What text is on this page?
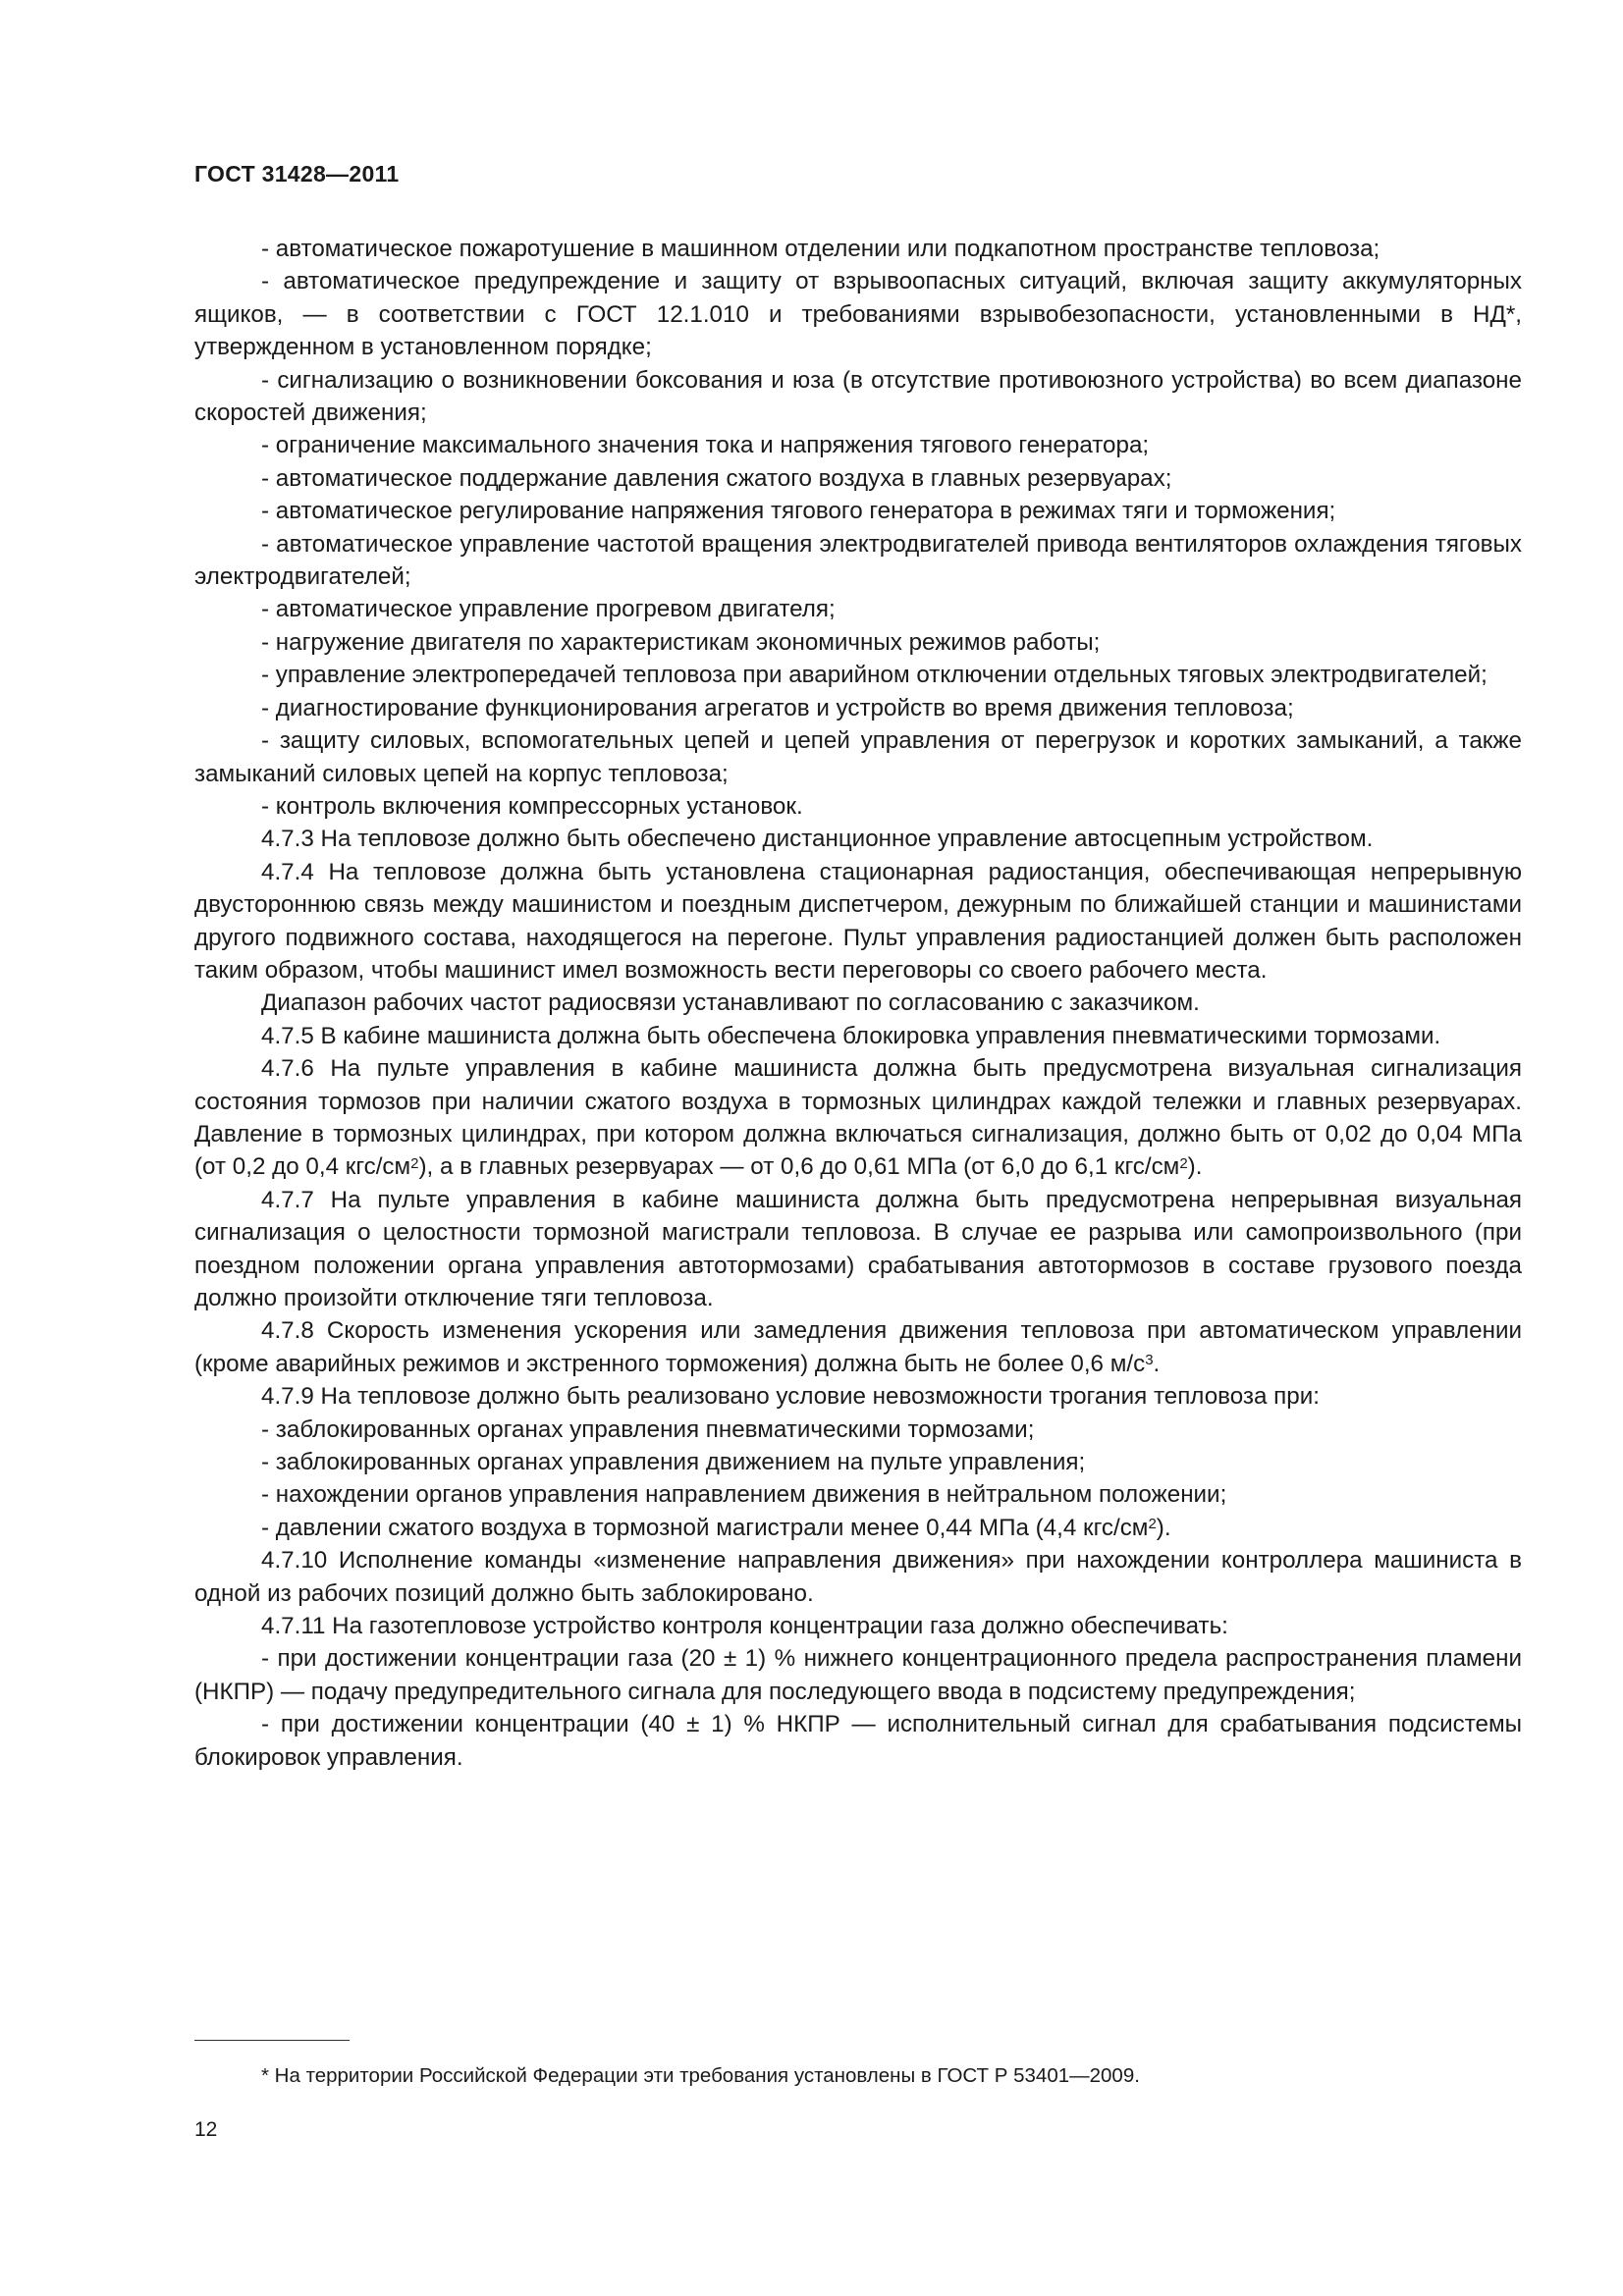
ГОСТ 31428—2011

- автоматическое пожаротушение в машинном отделении или подкапотном пространстве тепловоза;

- автоматическое предупреждение и защиту от взрывоопасных ситуаций, включая защиту аккумуляторных ящиков, — в соответствии с ГОСТ 12.1.010 и требованиями взрывобезопасности, установленными в НД*, утвержденном в установленном порядке;

- сигнализацию о возникновении боксования и юза (в отсутствие противоюзного устройства) во всем диапазоне скоростей движения;

- ограничение максимального значения тока и напряжения тягового генератора;

- автоматическое поддержание давления сжатого воздуха в главных резервуарах;

- автоматическое регулирование напряжения тягового генератора в режимах тяги и торможения;

- автоматическое управление частотой вращения электродвигателей привода вентиляторов охлаждения тяговых электродвигателей;

- автоматическое управление прогревом двигателя;

- нагружение двигателя по характеристикам экономичных режимов работы;

- управление электропередачей тепловоза при аварийном отключении отдельных тяговых электродвигателей;

- диагностирование функционирования агрегатов и устройств во время движения тепловоза;

- защиту силовых, вспомогательных цепей и цепей управления от перегрузок и коротких замыканий, а также замыканий силовых цепей на корпус тепловоза;

- контроль включения компрессорных установок.

4.7.3 На тепловозе должно быть обеспечено дистанционное управление автосцепным устройством.

4.7.4 На тепловозе должна быть установлена стационарная радиостанция, обеспечивающая непрерывную двустороннюю связь между машинистом и поездным диспетчером, дежурным по ближайшей станции и машинистами другого подвижного состава, находящегося на перегоне. Пульт управления радиостанцией должен быть расположен таким образом, чтобы машинист имел возможность вести переговоры со своего рабочего места.

Диапазон рабочих частот радиосвязи устанавливают по согласованию с заказчиком.

4.7.5 В кабине машиниста должна быть обеспечена блокировка управления пневматическими тормозами.

4.7.6 На пульте управления в кабине машиниста должна быть предусмотрена визуальная сигнализация состояния тормозов при наличии сжатого воздуха в тормозных цилиндрах каждой тележки и главных резервуарах. Давление в тормозных цилиндрах, при котором должна включаться сигнализация, должно быть от 0,02 до 0,04 МПа (от 0,2 до 0,4 кгс/$см^2$), а в главных резервуарах — от 0,6 до 0,61 МПа (от 6,0 до 6,1 кгс/$см^2$).

4.7.7 На пульте управления в кабине машиниста должна быть предусмотрена непрерывная визуальная сигнализация о целостности тормозной магистрали тепловоза. В случае ее разрыва или самопроизвольного (при поездном положении органа управления автотормозами) срабатывания автотормозов в составе грузового поезда должно произойти отключение тяги тепловоза.

4.7.8 Скорость изменения ускорения или замедления движения тепловоза при автоматическом управлении (кроме аварийных режимов и экстренного торможения) должна быть не более 0,6 $м/с^3$.

4.7.9 На тепловозе должно быть реализовано условие невозможности трогания тепловоза при:

- заблокированных органах управления пневматическими тормозами;

- заблокированных органах управления движением на пульте управления;

- нахождении органов управления направлением движения в нейтральном положении;

- давлении сжатого воздуха в тормозной магистрали менее 0,44 МПа (4,4 кгс/$см^2$).

4.7.10 Исполнение команды «изменение направления движения» при нахождении контроллера машиниста в одной из рабочих позиций должно быть заблокировано.

4.7.11 На газотепловозе устройство контроля концентрации газа должно обеспечивать:

- при достижении концентрации газа (20 ± 1) % нижнего концентрационного предела распространения пламени (НКПР) — подачу предупредительного сигнала для последующего ввода в подсистему предупреждения;

- при достижении концентрации (40 ± 1) % НКПР — исполнительный сигнал для срабатывания подсистемы блокировок управления.

* На территории Российской Федерации эти требования установлены в ГОСТ Р 53401—2009.
12
